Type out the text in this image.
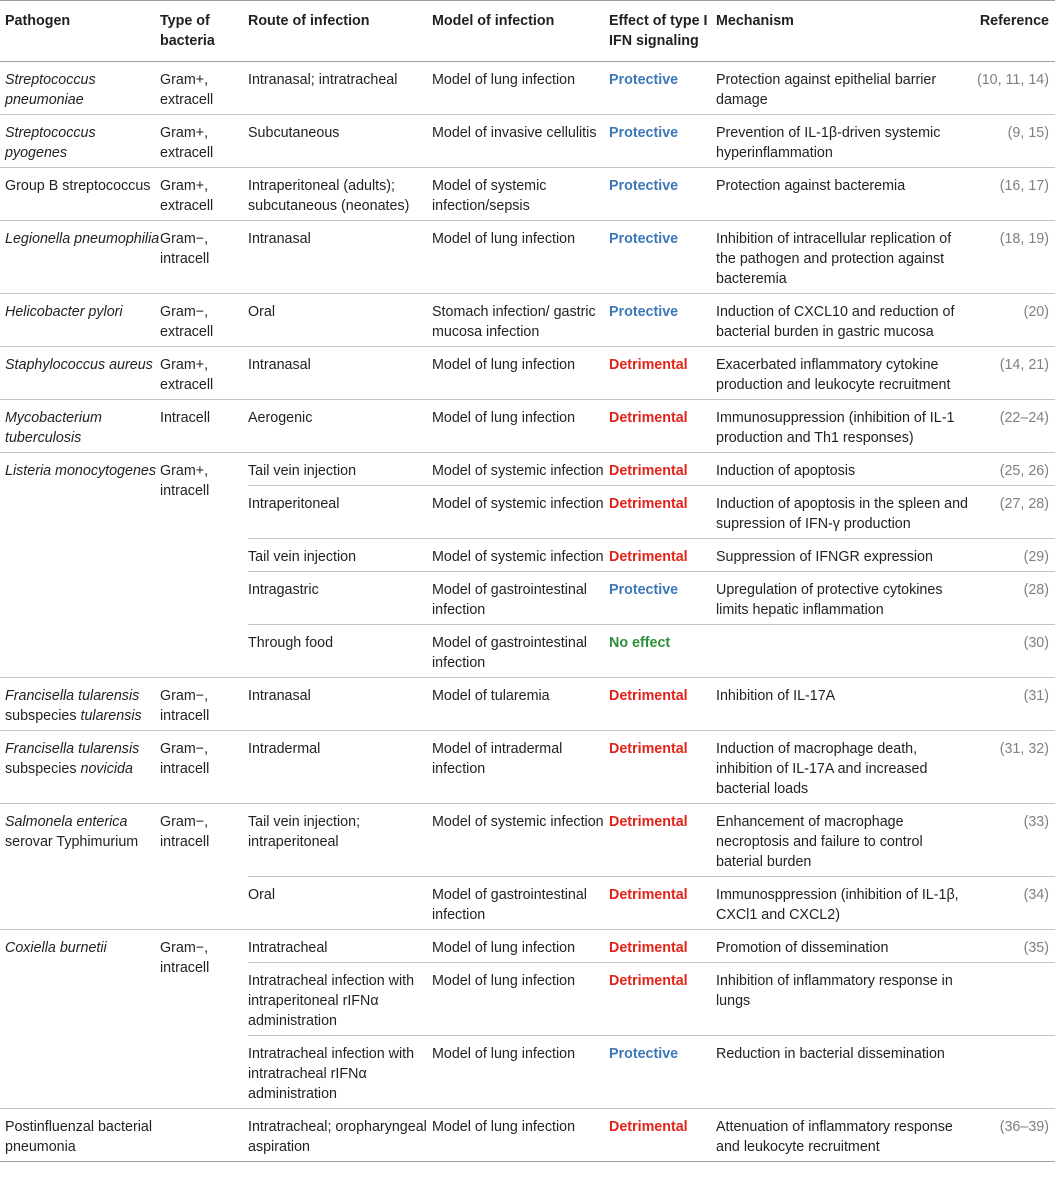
Pathogen	Type of bacteria	Route of infection	Model of infection	Effect of type I IFN signaling	Mechanism	Reference
Streptococcus pneumoniae	Gram+, extracell	Intranasal; intratracheal	Model of lung infection	Protective	Protection against epithelial barrier damage	(10, 11, 14)
Streptococcus pyogenes	Gram+, extracell	Subcutaneous	Model of invasive cellulitis	Protective	Prevention of IL-1β-driven systemic hyperinflammation	(9, 15)
Group B streptococcus	Gram+, extracell	Intraperitoneal (adults); subcutaneous (neonates)	Model of systemic infection/sepsis	Protective	Protection against bacteremia	(16, 17)
Legionella pneumophilia	Gram−, intracell	Intranasal	Model of lung infection	Protective	Inhibition of intracellular replication of the pathogen and protection against bacteremia	(18, 19)
Helicobacter pylori	Gram−, extracell	Oral	Stomach infection/ gastric mucosa infection	Protective	Induction of CXCL10 and reduction of bacterial burden in gastric mucosa	(20)
Staphylococcus aureus	Gram+, extracell	Intranasal	Model of lung infection	Detrimental	Exacerbated inflammatory cytokine production and leukocyte recruitment	(14, 21)
Mycobacterium tuberculosis	Intracell	Aerogenic	Model of lung infection	Detrimental	Immunosuppression (inhibition of IL-1 production and Th1 responses)	(22–24)
Listeria monocytogenes	Gram+, intracell	Tail vein injection	Model of systemic infection	Detrimental	Induction of apoptosis	(25, 26)
		Intraperitoneal	Model of systemic infection	Detrimental	Induction of apoptosis in the spleen and supression of IFN-γ production	(27, 28)
		Tail vein injection	Model of systemic infection	Detrimental	Suppression of IFNGR expression	(29)
		Intragastric	Model of gastrointestinal infection	Protective	Upregulation of protective cytokines limits hepatic inflammation	(28)
		Through food	Model of gastrointestinal infection	No effect		(30)
Francisella tularensis subspecies tularensis	Gram−, intracell	Intranasal	Model of tularemia	Detrimental	Inhibition of IL-17A	(31)
Francisella tularensis subspecies novicida	Gram−, intracell	Intradermal	Model of intradermal infection	Detrimental	Induction of macrophage death, inhibition of IL-17A and increased bacterial loads	(31, 32)
Salmonela enterica serovar Typhimurium	Gram−, intracell	Tail vein injection; intraperitoneal	Model of systemic infection	Detrimental	Enhancement of macrophage necroptosis and failure to control baterial burden	(33)
		Oral	Model of gastrointestinal infection	Detrimental	Immunosppression (inhibition of IL-1β, CXCl1 and CXCL2)	(34)
Coxiella burnetii	Gram−, intracell	Intratracheal	Model of lung infection	Detrimental	Promotion of dissemination	(35)
		Intratracheal infection with intraperitoneal rIFNα administration	Model of lung infection	Detrimental	Inhibition of inflammatory response in lungs	
		Intratracheal infection with intratracheal rIFNα administration	Model of lung infection	Protective	Reduction in bacterial dissemination	
Postinfluenzal bacterial pneumonia		Intratracheal; oropharyngeal aspiration	Model of lung infection	Detrimental	Attenuation of inflammatory response and leukocyte recruitment	(36–39)
